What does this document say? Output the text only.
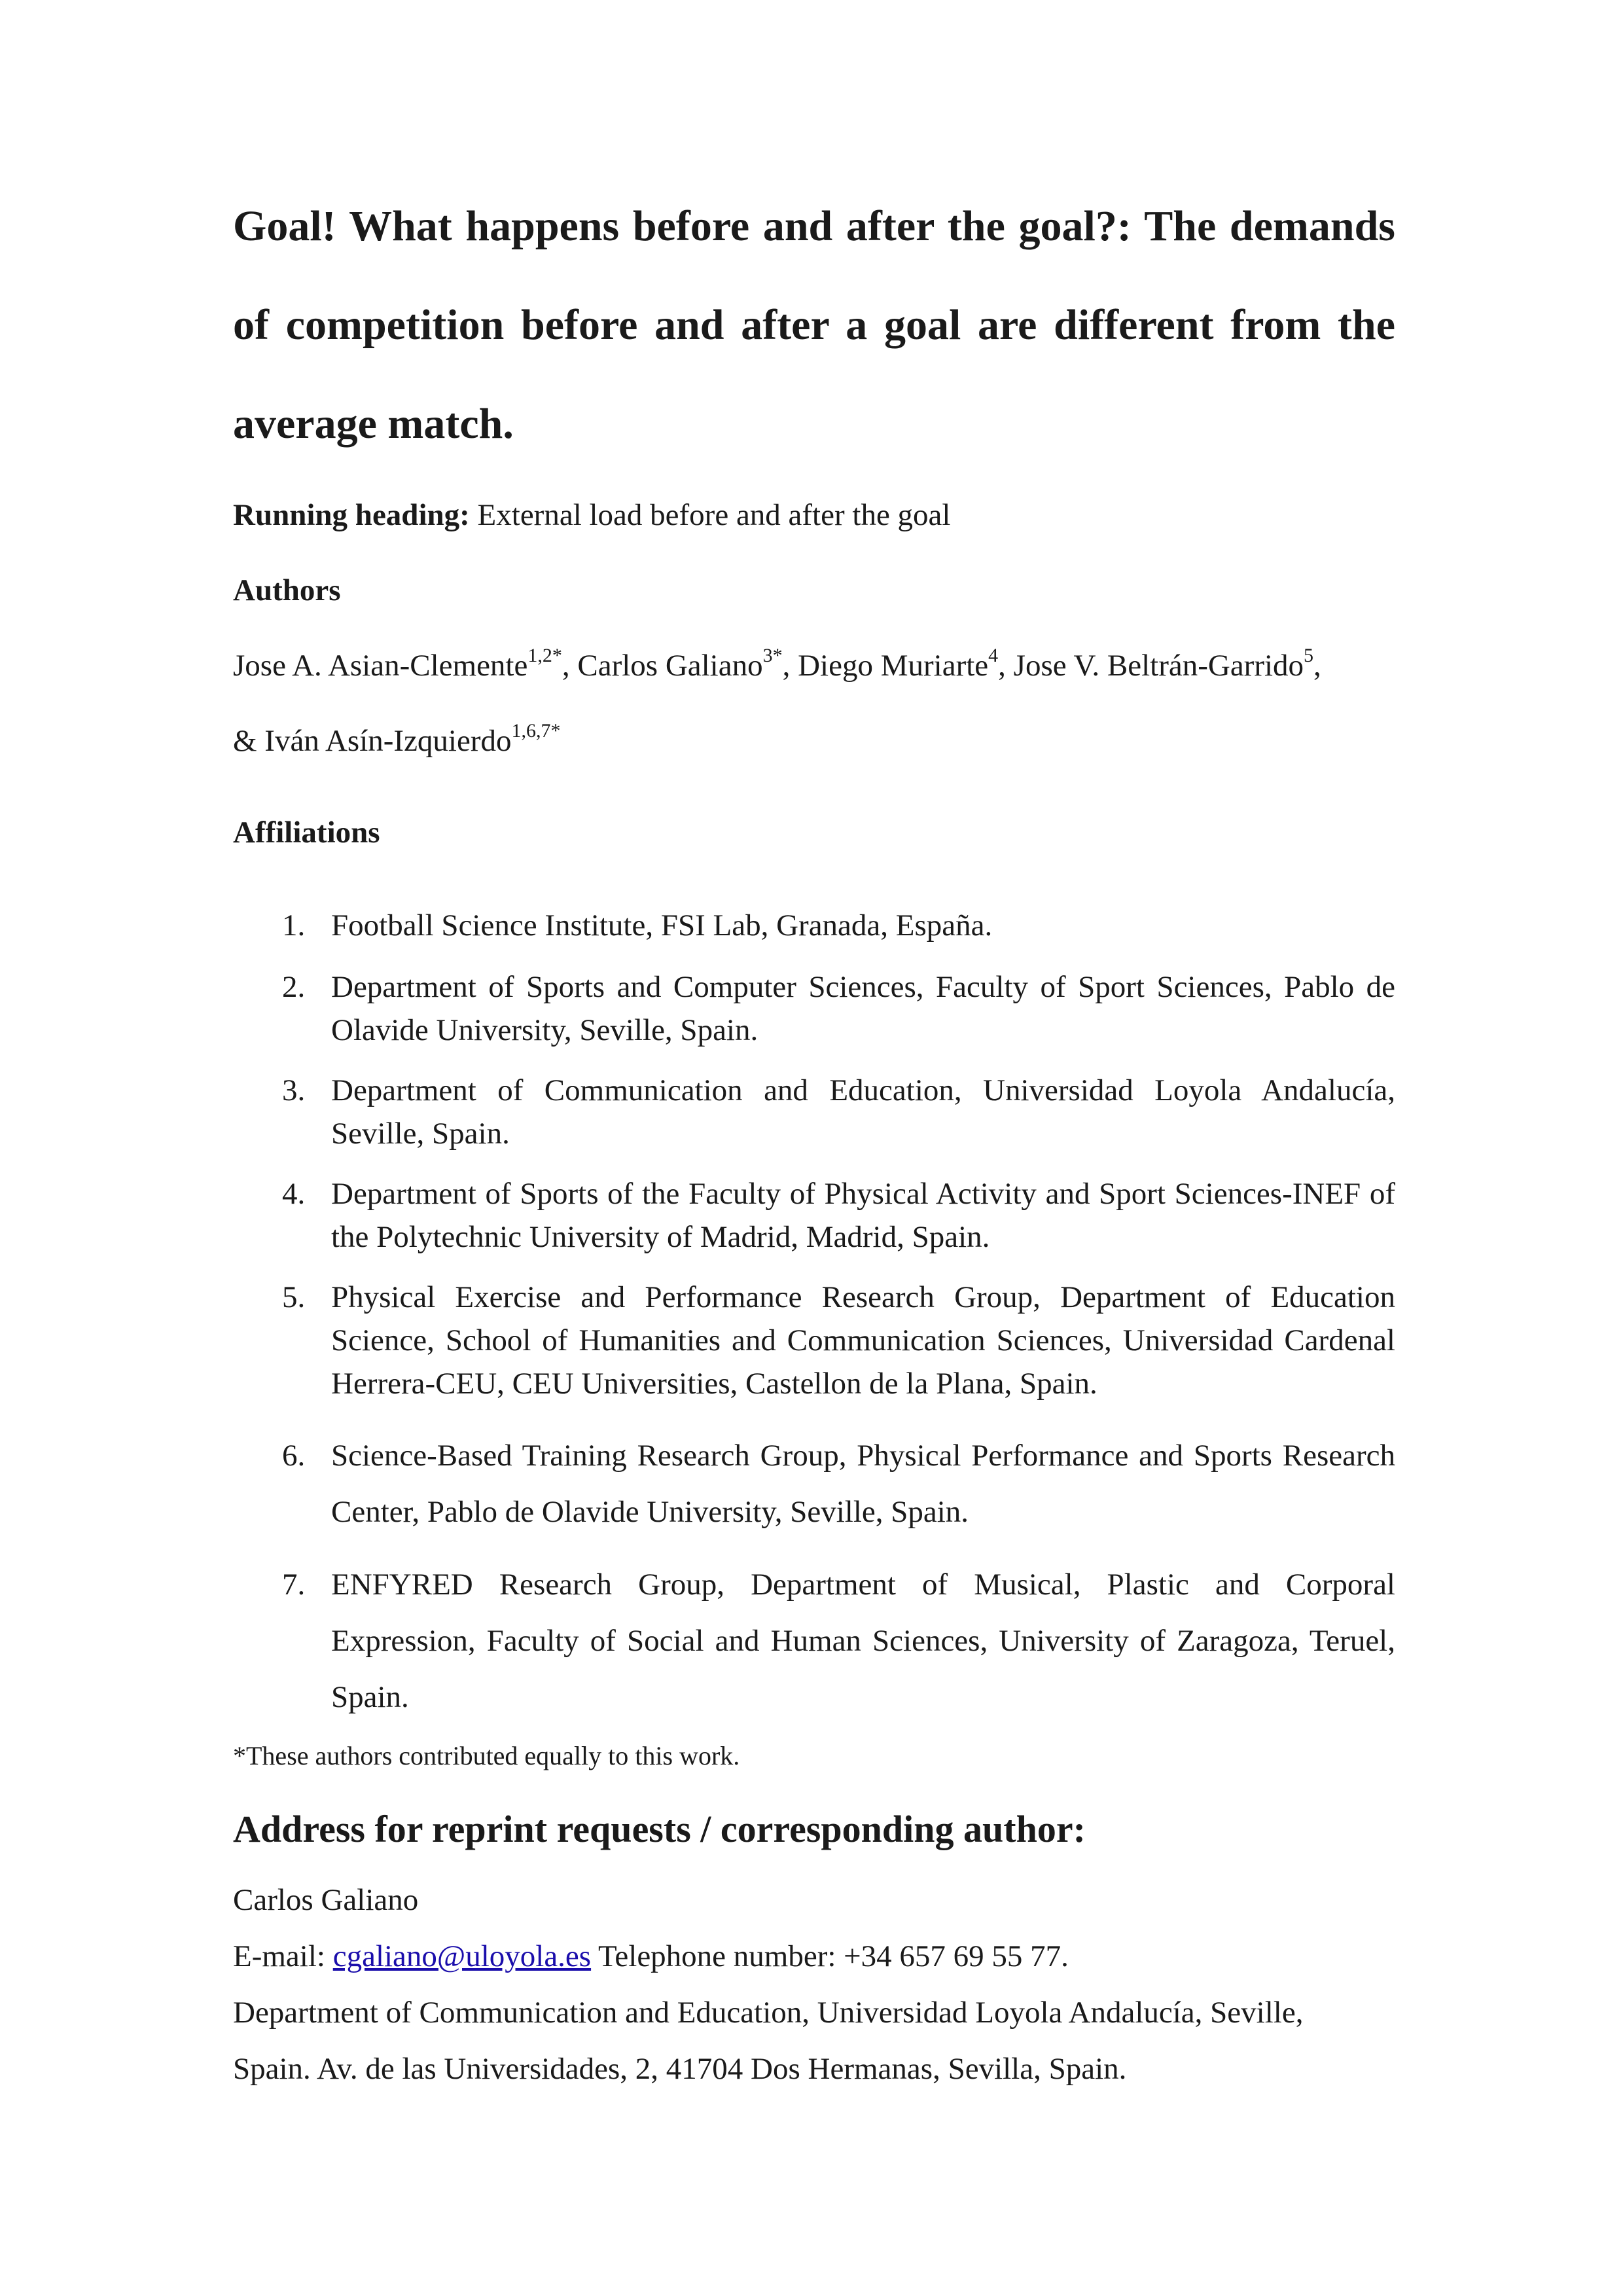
Goal! What happens before and after the goal?: The demands
of competition before and after a goal are different from the
average match.

Running heading: External load before and after the goal

Authors

Jose A. Asian-Clemente$^{1,2*}$, Carlos Galiano$^{3*}$, Diego Muriarte$^4$, Jose V. Beltrán-Garrido$^5$,

& Iván Asín-Izquierdo$^{1,6,7*}$

Affiliations

1. Football Science Institute, FSI Lab, Granada, España.
2. Department of Sports and Computer Sciences, Faculty of Sport Sciences, Pablo de Olavide University, Seville, Spain.
3. Department of Communication and Education, Universidad Loyola Andalucía, Seville, Spain.
4. Department of Sports of the Faculty of Physical Activity and Sport Sciences-INEF of the Polytechnic University of Madrid, Madrid, Spain.
5. Physical Exercise and Performance Research Group, Department of Education Science, School of Humanities and Communication Sciences, Universidad Cardenal Herrera-CEU, CEU Universities, Castellon de la Plana, Spain.
6. Science-Based Training Research Group, Physical Performance and Sports Research Center, Pablo de Olavide University, Seville, Spain.
7. ENFYRED Research Group, Department of Musical, Plastic and Corporal Expression, Faculty of Social and Human Sciences, University of Zaragoza, Teruel, Spain.

*These authors contributed equally to this work.

Address for reprint requests / corresponding author:

Carlos Galiano

E-mail: cgaliano@uloyola.es Telephone number: +34 657 69 55 77.

Department of Communication and Education, Universidad Loyola Andalucía, Seville,

Spain. Av. de las Universidades, 2, 41704 Dos Hermanas, Sevilla, Spain.
